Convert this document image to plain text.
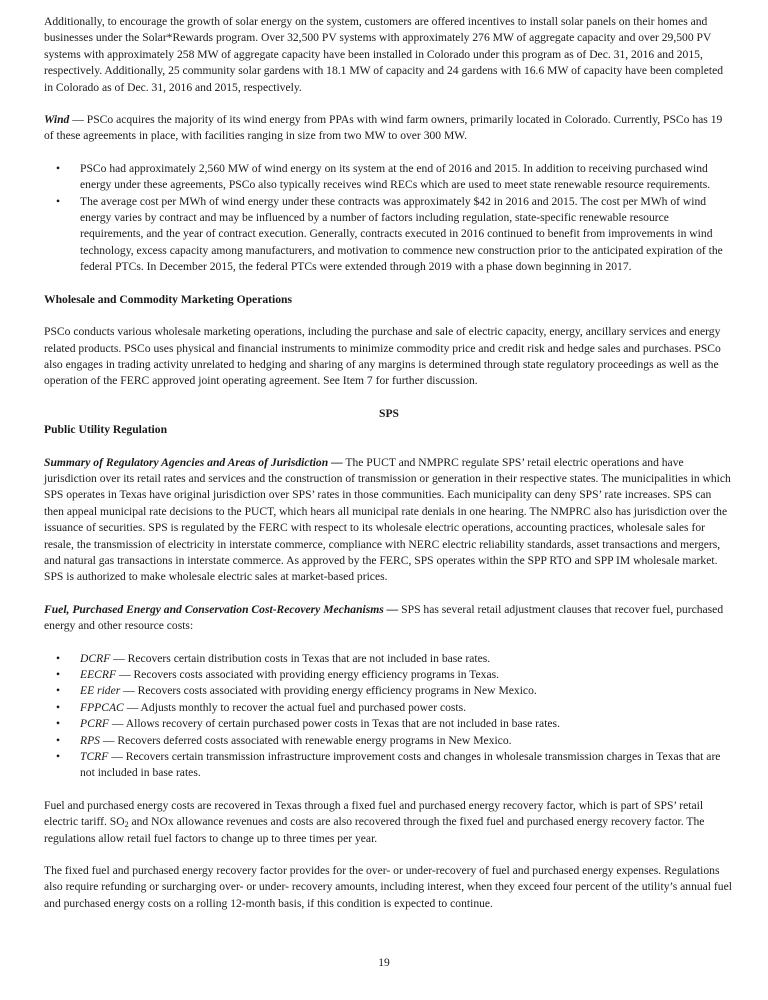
Additionally, to encourage the growth of solar energy on the system, customers are offered incentives to install solar panels on their homes and businesses under the Solar*Rewards program. Over 32,500 PV systems with approximately 276 MW of aggregate capacity and over 29,500 PV systems with approximately 258 MW of aggregate capacity have been installed in Colorado under this program as of Dec. 31, 2016 and 2015, respectively. Additionally, 25 community solar gardens with 18.1 MW of capacity and 24 gardens with 16.6 MW of capacity have been completed in Colorado as of Dec. 31, 2016 and 2015, respectively.

Wind — PSCo acquires the majority of its wind energy from PPAs with wind farm owners, primarily located in Colorado. Currently, PSCo has 19 of these agreements in place, with facilities ranging in size from two MW to over 300 MW.

• PSCo had approximately 2,560 MW of wind energy on its system at the end of 2016 and 2015. In addition to receiving purchased wind energy under these agreements, PSCo also typically receives wind RECs which are used to meet state renewable resource requirements.
• The average cost per MWh of wind energy under these contracts was approximately $42 in 2016 and 2015. The cost per MWh of wind energy varies by contract and may be influenced by a number of factors including regulation, state-specific renewable resource requirements, and the year of contract execution. Generally, contracts executed in 2016 continued to benefit from improvements in wind technology, excess capacity among manufacturers, and motivation to commence new construction prior to the anticipated expiration of the federal PTCs. In December 2015, the federal PTCs were extended through 2019 with a phase down beginning in 2017.

Wholesale and Commodity Marketing Operations

PSCo conducts various wholesale marketing operations, including the purchase and sale of electric capacity, energy, ancillary services and energy related products. PSCo uses physical and financial instruments to minimize commodity price and credit risk and hedge sales and purchases. PSCo also engages in trading activity unrelated to hedging and sharing of any margins is determined through state regulatory proceedings as well as the operation of the FERC approved joint operating agreement. See Item 7 for further discussion.

SPS

Public Utility Regulation

Summary of Regulatory Agencies and Areas of Jurisdiction — The PUCT and NMPRC regulate SPS’ retail electric operations and have jurisdiction over its retail rates and services and the construction of transmission or generation in their respective states. The municipalities in which SPS operates in Texas have original jurisdiction over SPS’ rates in those communities. Each municipality can deny SPS’ rate increases. SPS can then appeal municipal rate decisions to the PUCT, which hears all municipal rate denials in one hearing. The NMPRC also has jurisdiction over the issuance of securities. SPS is regulated by the FERC with respect to its wholesale electric operations, accounting practices, wholesale sales for resale, the transmission of electricity in interstate commerce, compliance with NERC electric reliability standards, asset transactions and mergers, and natural gas transactions in interstate commerce. As approved by the FERC, SPS operates within the SPP RTO and SPP IM wholesale market. SPS is authorized to make wholesale electric sales at market-based prices.

Fuel, Purchased Energy and Conservation Cost-Recovery Mechanisms — SPS has several retail adjustment clauses that recover fuel, purchased energy and other resource costs:

• DCRF — Recovers certain distribution costs in Texas that are not included in base rates.
• EECRF — Recovers costs associated with providing energy efficiency programs in Texas.
• EE rider — Recovers costs associated with providing energy efficiency programs in New Mexico.
• FPPCAC — Adjusts monthly to recover the actual fuel and purchased power costs.
• PCRF — Allows recovery of certain purchased power costs in Texas that are not included in base rates.
• RPS — Recovers deferred costs associated with renewable energy programs in New Mexico.
• TCRF — Recovers certain transmission infrastructure improvement costs and changes in wholesale transmission charges in Texas that are not included in base rates.

Fuel and purchased energy costs are recovered in Texas through a fixed fuel and purchased energy recovery factor, which is part of SPS’ retail electric tariff. $SO_2$ and NOx allowance revenues and costs are also recovered through the fixed fuel and purchased energy recovery factor. The regulations allow retail fuel factors to change up to three times per year.

The fixed fuel and purchased energy recovery factor provides for the over- or under-recovery of fuel and purchased energy expenses. Regulations also require refunding or surcharging over- or under- recovery amounts, including interest, when they exceed four percent of the utility’s annual fuel and purchased energy costs on a rolling 12-month basis, if this condition is expected to continue.

19
